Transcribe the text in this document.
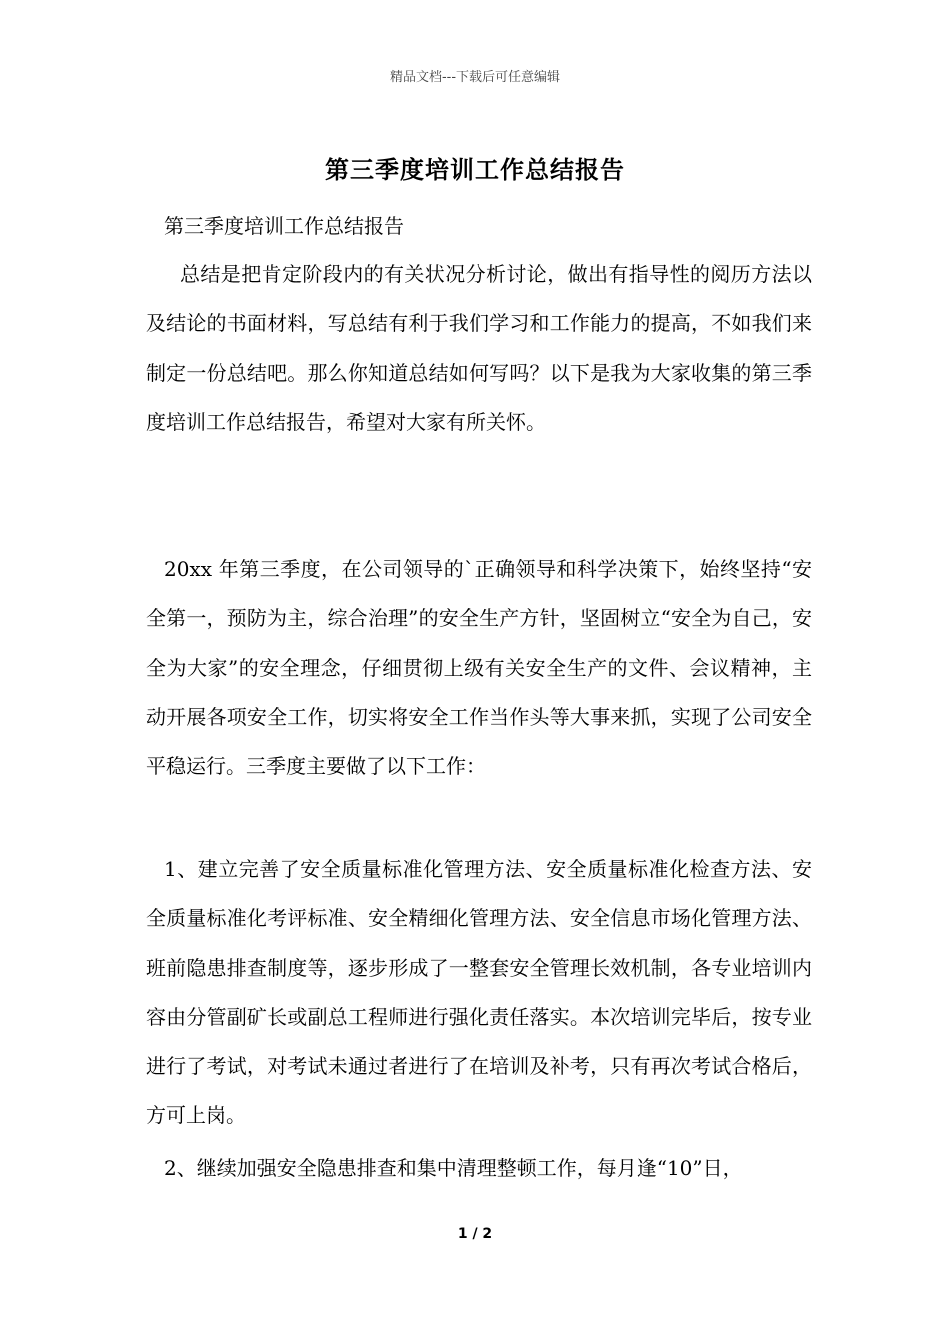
精品文档---下载后可任意编辑
第三季度培训工作总结报告
第三季度培训工作总结报告

总结是把肯定阶段内的有关状况分析讨论，做出有指导性的阅历方法以及结论的书面材料，写总结有利于我们学习和工作能力的提高，不如我们来制定一份总结吧。那么你知道总结如何写吗？以下是我为大家收集的第三季度培训工作总结报告，希望对大家有所关怀。

20xx 年第三季度，在公司领导的`正确领导和科学决策下，始终坚持“安全第一，预防为主，综合治理”的安全生产方针，坚固树立“安全为自己，安全为大家”的安全理念，仔细贯彻上级有关安全生产的文件、会议精神，主动开展各项安全工作，切实将安全工作当作头等大事来抓，实现了公司安全平稳运行。三季度主要做了以下工作：

1、建立完善了安全质量标准化管理方法、安全质量标准化检查方法、安全质量标准化考评标准、安全精细化管理方法、安全信息市场化管理方法、 班前隐患排查制度等，逐步形成了一整套安全管理长效机制，各专业培训内容由分管副矿长或副总工程师进行强化责任落实。本次培训完毕后，按专业进行了考试，对考试未通过者进行了在培训及补考，只有再次考试合格后，方可上岗。

2、继续加强安全隐患排查和集中清理整顿工作，每月逢“10”日，

1 / 2
